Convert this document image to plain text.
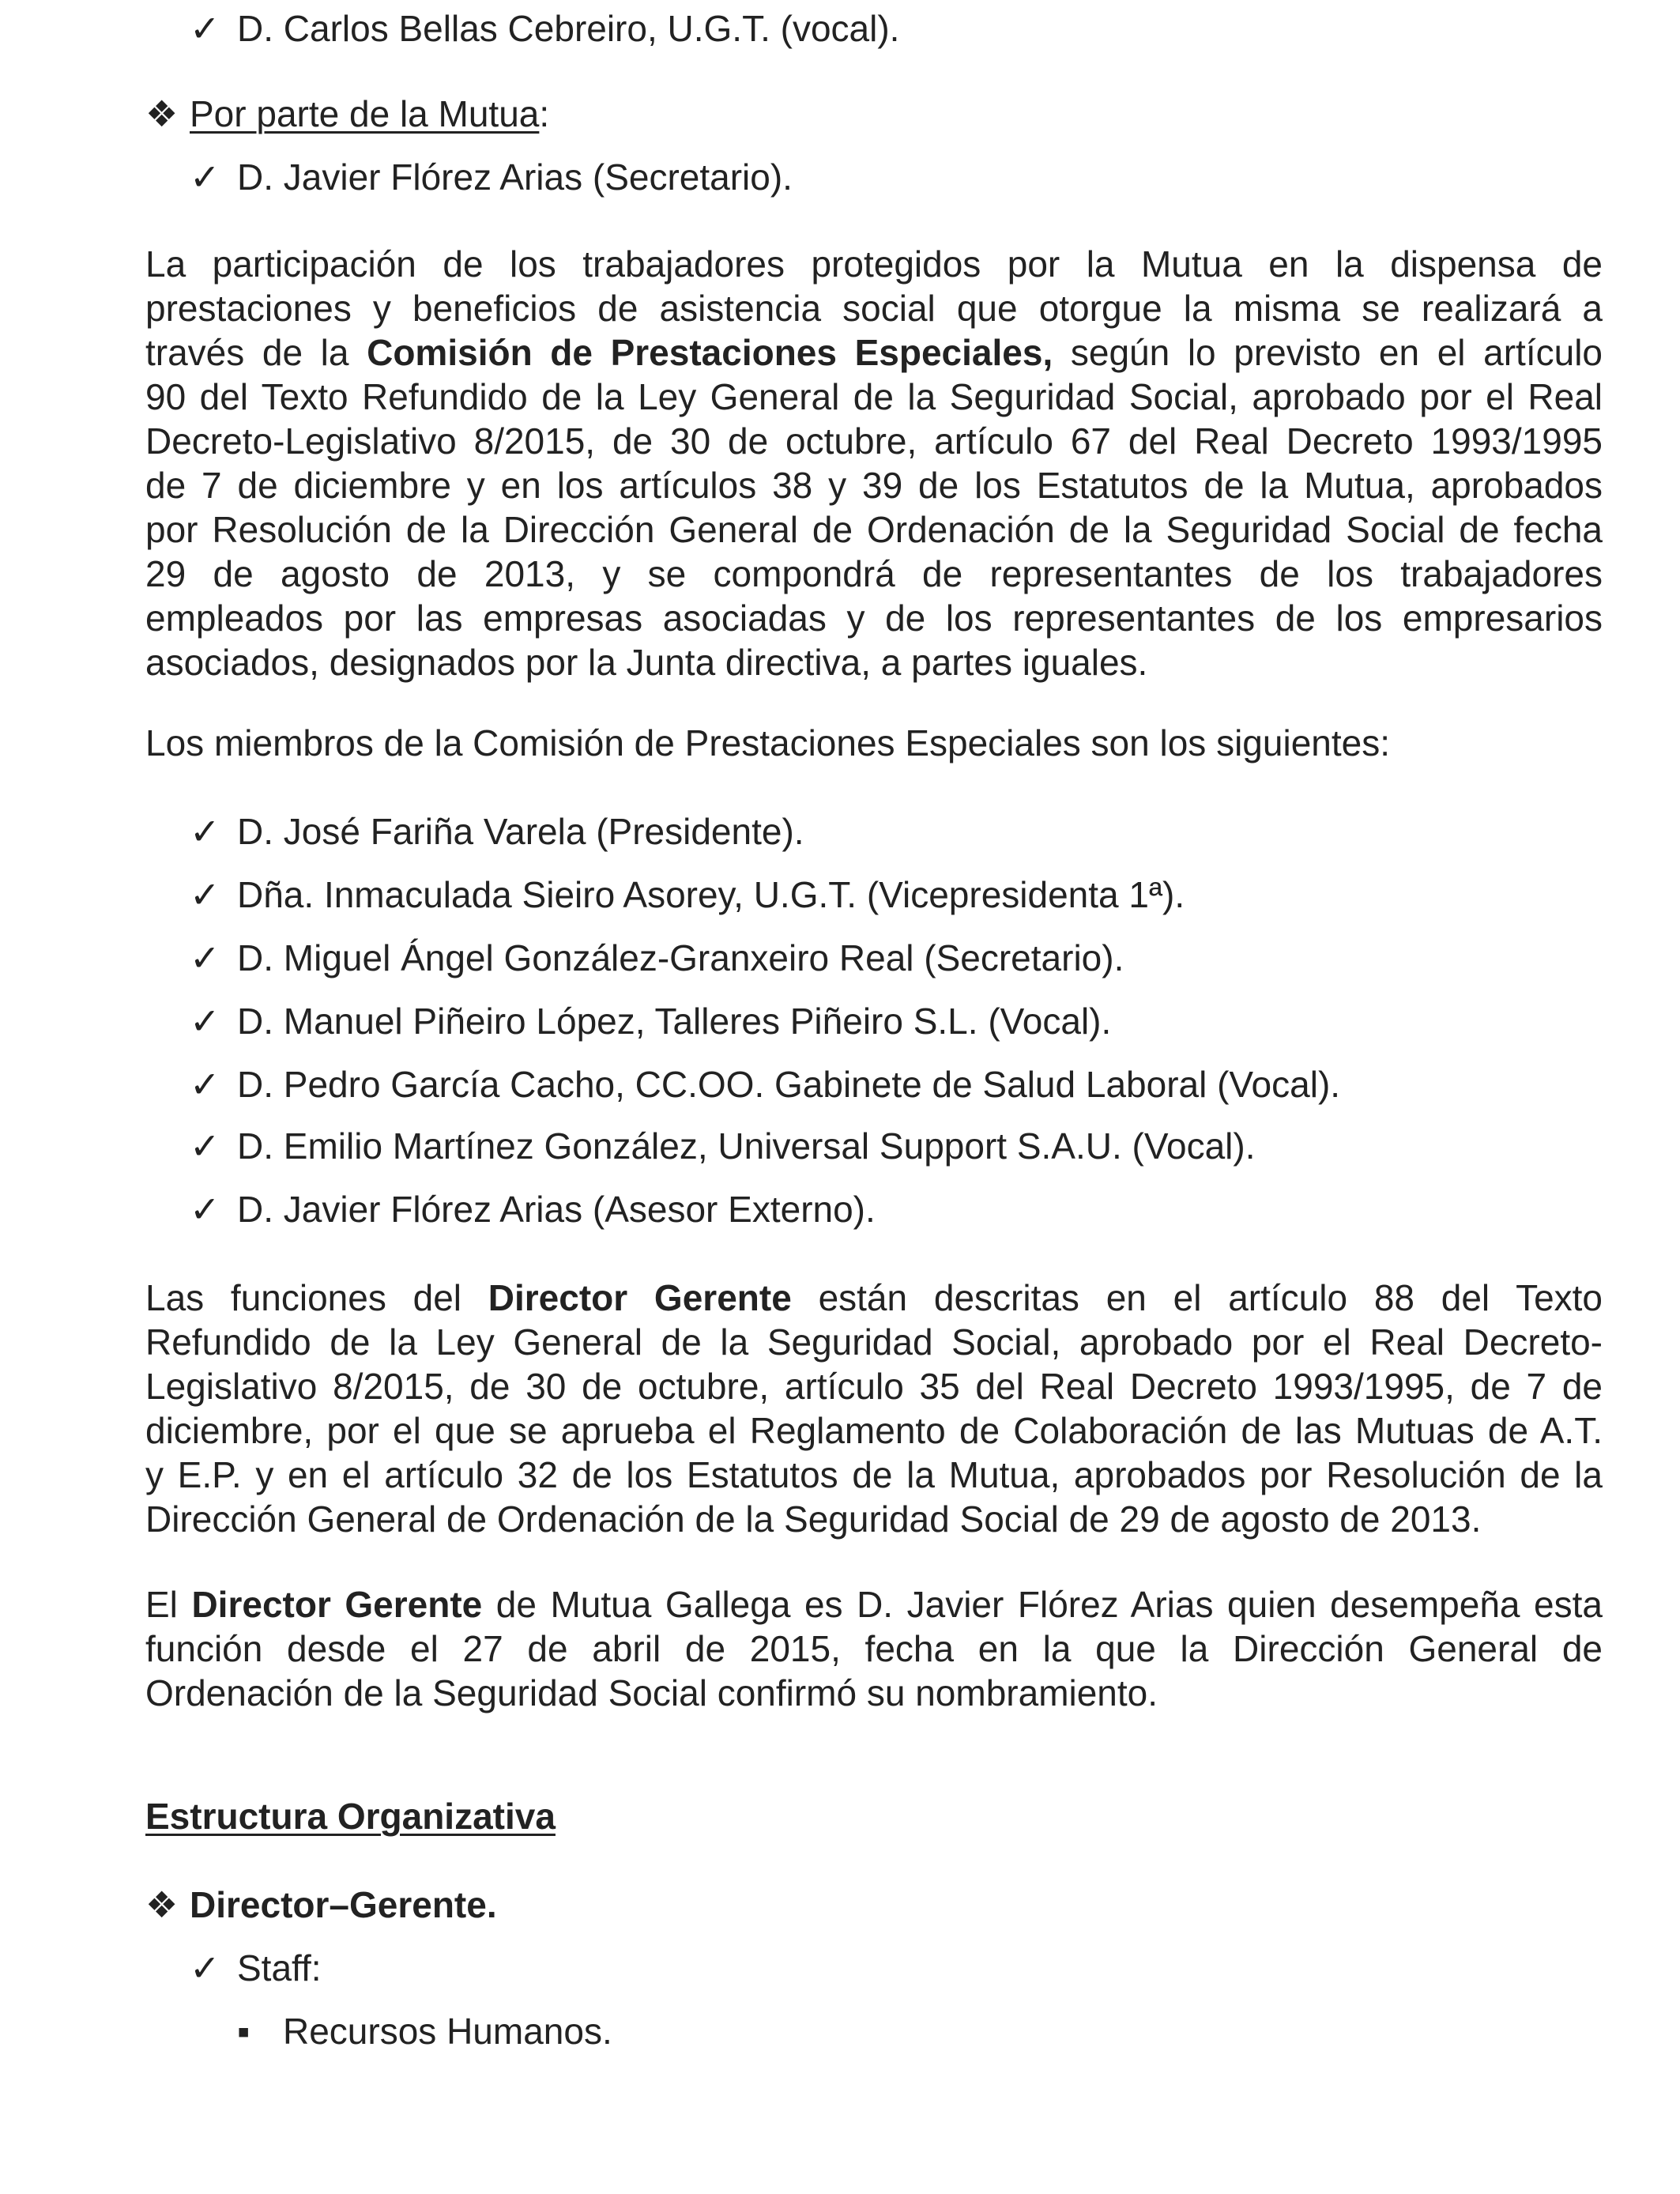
✓ D. Carlos Bellas Cebreiro, U.G.T. (vocal).
❖ Por parte de la Mutua:
✓ D. Javier Flórez Arias (Secretario).
La participación de los trabajadores protegidos por la Mutua en la dispensa de
prestaciones y beneficios de asistencia social que otorgue la misma se realizará a
través de la Comisión de Prestaciones Especiales, según lo previsto en el artículo
90 del Texto Refundido de la Ley General de la Seguridad Social, aprobado por el Real
Decreto-Legislativo 8/2015, de 30 de octubre, artículo 67 del Real Decreto 1993/1995
de 7 de diciembre y en los artículos 38 y 39 de los Estatutos de la Mutua, aprobados
por Resolución de la Dirección General de Ordenación de la Seguridad Social de fecha
29 de agosto de 2013, y se compondrá de representantes de los trabajadores
empleados por las empresas asociadas y de los representantes de los empresarios
asociados, designados por la Junta directiva, a partes iguales.
Los miembros de la Comisión de Prestaciones Especiales son los siguientes:
✓ D. José Fariña Varela (Presidente).
✓ Dña. Inmaculada Sieiro Asorey, U.G.T. (Vicepresidenta 1ª).
✓ D. Miguel Ángel González-Granxeiro Real (Secretario).
✓ D. Manuel Piñeiro López, Talleres Piñeiro S.L. (Vocal).
✓ D. Pedro García Cacho, CC.OO. Gabinete de Salud Laboral (Vocal).
✓ D. Emilio Martínez González, Universal Support S.A.U. (Vocal).
✓ D. Javier Flórez Arias (Asesor Externo).
Las funciones del Director Gerente están descritas en el artículo 88 del Texto
Refundido de la Ley General de la Seguridad Social, aprobado por el Real Decreto-
Legislativo 8/2015, de 30 de octubre, artículo 35 del Real Decreto 1993/1995, de 7 de
diciembre, por el que se aprueba el Reglamento de Colaboración de las Mutuas de A.T.
y E.P. y en el artículo 32 de los Estatutos de la Mutua, aprobados por Resolución de la
Dirección General de Ordenación de la Seguridad Social de 29 de agosto de 2013.
El Director Gerente de Mutua Gallega es D. Javier Flórez Arias quien desempeña esta
función desde el 27 de abril de 2015, fecha en la que la Dirección General de
Ordenación de la Seguridad Social confirmó su nombramiento.
Estructura Organizativa
❖ Director–Gerente.
✓ Staff:
▪ Recursos Humanos.
